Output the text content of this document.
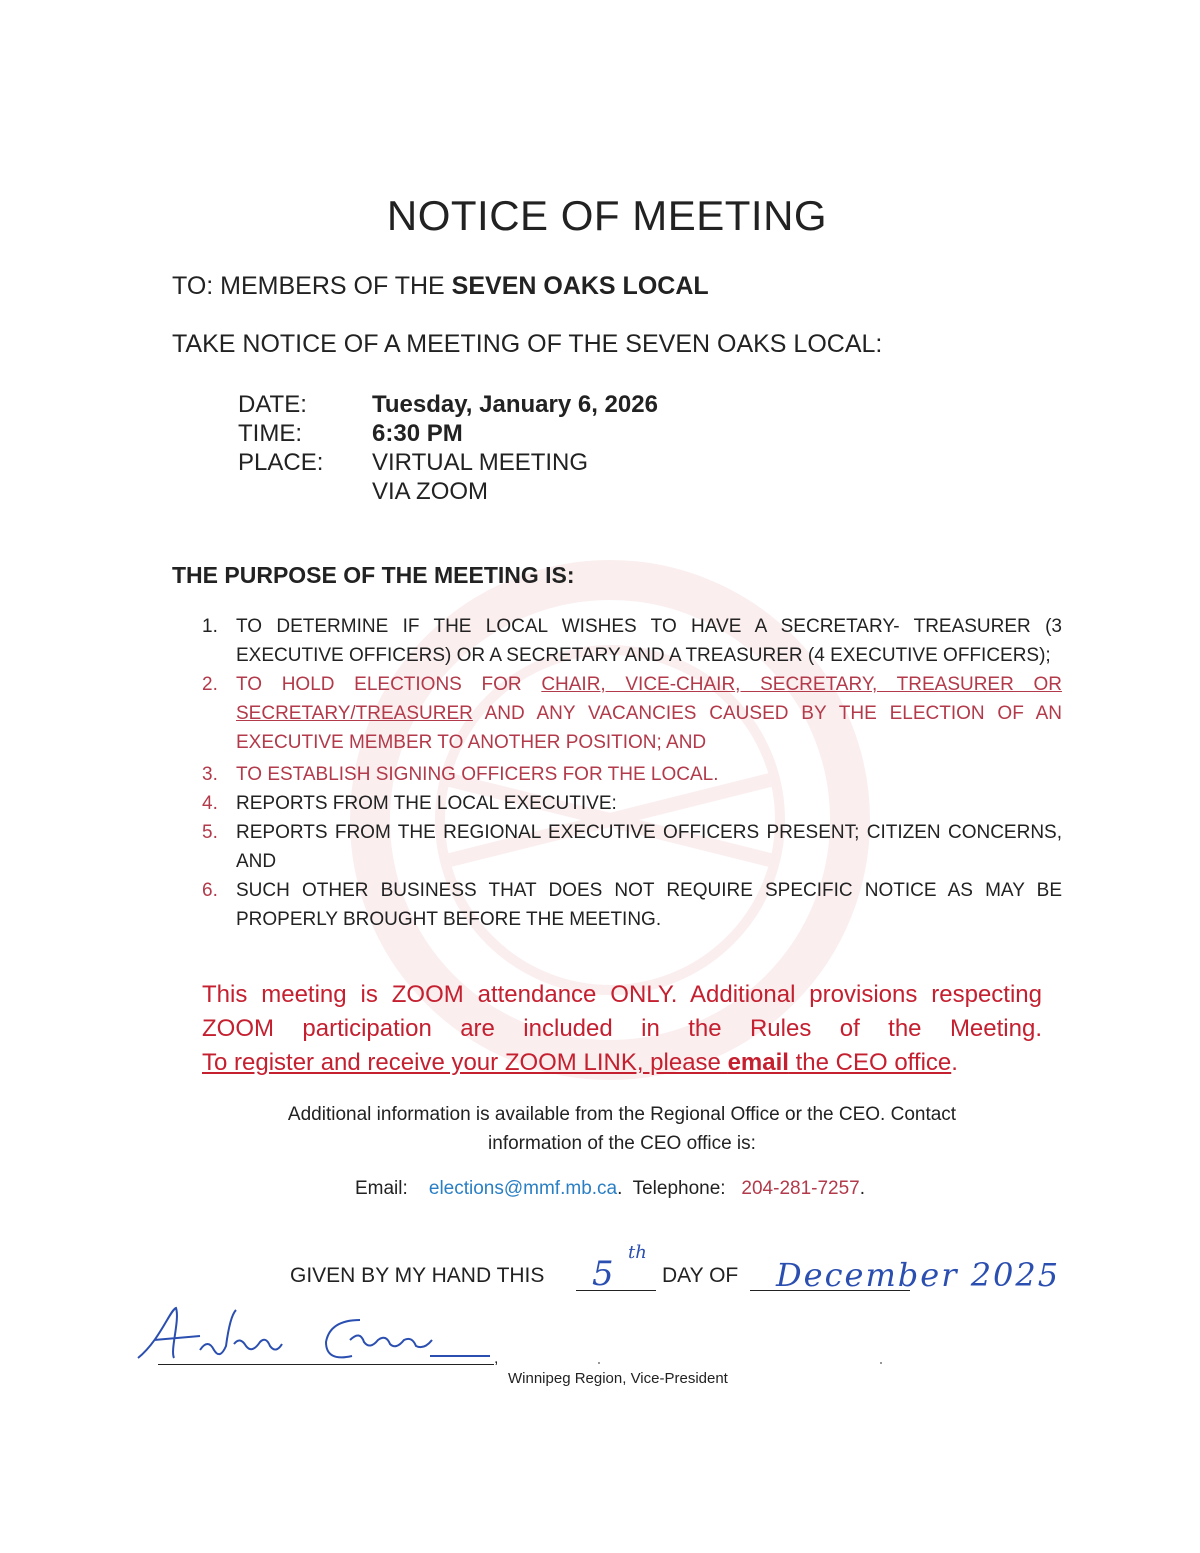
NOTICE OF MEETING
TO: MEMBERS OF THE SEVEN OAKS LOCAL
TAKE NOTICE OF A MEETING OF THE SEVEN OAKS LOCAL:
DATE:	Tuesday, January 6, 2026
TIME:	6:30 PM
PLACE: VIRTUAL MEETING
VIA ZOOM
THE PURPOSE OF THE MEETING IS:
1. TO DETERMINE IF THE LOCAL WISHES TO HAVE A SECRETARY- TREASURER (3 EXECUTIVE OFFICERS) OR A SECRETARY AND A TREASURER (4 EXECUTIVE OFFICERS);
2. TO HOLD ELECTIONS FOR CHAIR, VICE-CHAIR, SECRETARY, TREASURER OR SECRETARY/TREASURER AND ANY VACANCIES CAUSED BY THE ELECTION OF AN EXECUTIVE MEMBER TO ANOTHER POSITION; AND
3. TO ESTABLISH SIGNING OFFICERS FOR THE LOCAL.
4. REPORTS FROM THE LOCAL EXECUTIVE:
5. REPORTS FROM THE REGIONAL EXECUTIVE OFFICERS PRESENT; CITIZEN CONCERNS, AND
6. SUCH OTHER BUSINESS THAT DOES NOT REQUIRE SPECIFIC NOTICE AS MAY BE PROPERLY BROUGHT BEFORE THE MEETING.
This meeting is ZOOM attendance ONLY. Additional provisions respecting ZOOM participation are included in the Rules of the Meeting.
To register and receive your ZOOM LINK, please email the CEO office.
Additional information is available from the Regional Office or the CEO. Contact
information of the CEO office is:
Email: elections@mmf.mb.ca. Telephone: 204-281-7257.
GIVEN BY MY HAND THIS 5
th
DAY OF December 2025
,
Winnipeg Region, Vice-President
